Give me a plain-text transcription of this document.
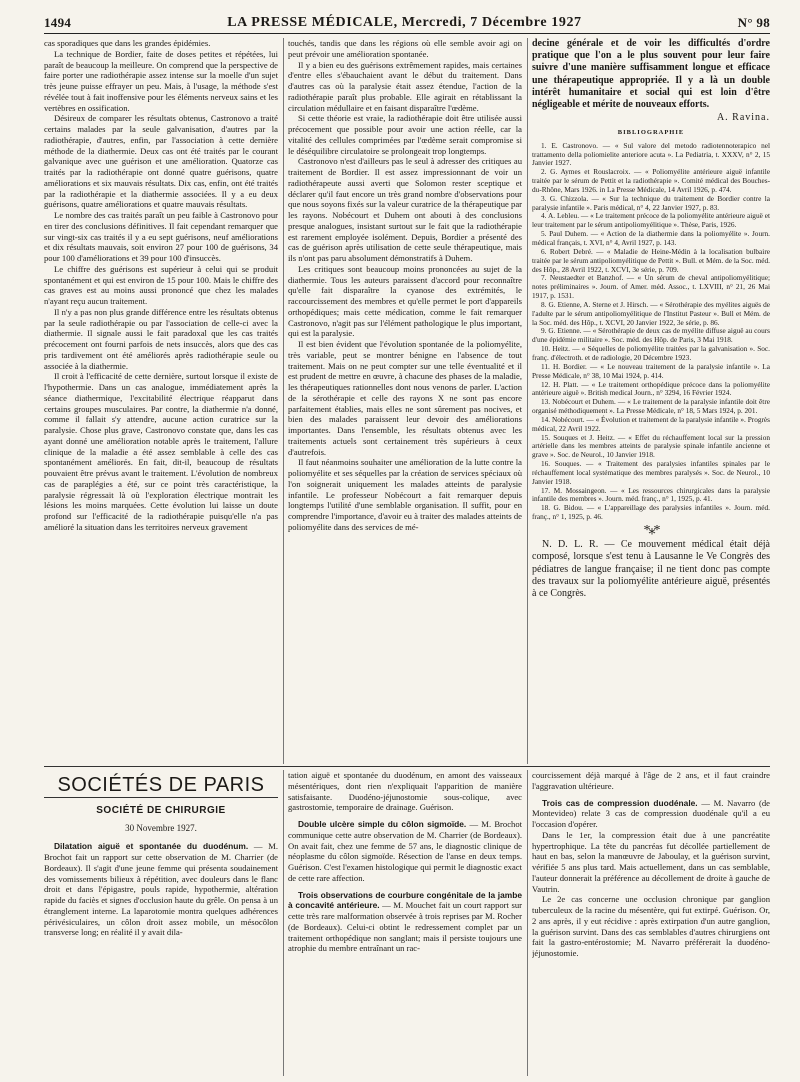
1494	LA PRESSE MÉDICALE, Mercredi, 7 Décembre 1927	N° 98

cas sporadiques que dans les grandes épidémies.

La technique de Bordier, faite de doses petites et répétées, lui paraît de beaucoup la meilleure. On comprend que la perspective de faire porter une radiothérapie assez intense sur la moelle d'un sujet très jeune puisse effrayer un peu. Mais, à l'usage, la méthode s'est révélée tout à fait inoffensive pour les éléments nerveux sains et les vertèbres en ossification.

Désireux de comparer les résultats obtenus, Castronovo a traité certains malades par la seule galvanisation, d'autres par la radiothérapie, d'autres, enfin, par l'association à cette dernière méthode de la diathermie. Deux cas ont été traités par le courant galvanique avec une guérison et une amélioration. Quatorze cas traités par la radiothérapie ont donné quatre guérisons, quatre améliorations et six mauvais résultats. Dix cas, enfin, ont été traités par la radiothérapie et la diathermie associées. Il y a eu deux guérisons, quatre améliorations et quatre mauvais résultats.

Le nombre des cas traités paraît un peu faible à Castronovo pour en tirer des conclusions définitives. Il fait cependant remarquer que sur vingt-six cas traités il y a eu sept guérisons, neuf améliorations et dix résultats mauvais, soit environ 27 pour 100 de guérisons, 34 pour 100 d'améliorations et 39 pour 100 d'insuccès.

Le chiffre des guérisons est supérieur à celui qui se produit spontanément et qui est environ de 15 pour 100. Mais le chiffre des cas graves est au moins aussi prononcé que chez les malades n'ayant reçu aucun traitement.

Il n'y a pas non plus grande différence entre les résultats obtenus par la seule radiothérapie ou par l'association de celle-ci avec la diathermie. Il signale aussi le fait paradoxal que les cas traités précocement ont fourni parfois de nets insuccès, alors que des cas pris tardivement ont été améliorés après radiothérapie seule ou associée à la diathermie.

Il croit à l'efficacité de cette dernière, surtout lorsque il existe de l'hypothermie. Dans un cas analogue, immédiatement après la séance diathermique, l'excitabilité électrique réapparut dans certains groupes musculaires. Par contre, la diathermie n'a donné, comme il fallait s'y attendre, aucune action curatrice sur la paralysie. Chose plus grave, Castronovo constate que, dans les cas ayant donné une amélioration notable après le traitement, l'allure clinique de la maladie a été assez semblable à celle des cas spontanément améliorés. En fait, dit-il, beaucoup de résultats pouvaient être prévus avant le traitement. L'évolution de nombreux cas de paraplégies a été, sur ce point très caractéristique, la paralysie régressait là où l'exploration électrique montrait les lésions les moins marquées. Cette évolution lui laisse un doute profond sur l'efficacité de la radiothérapie puisqu'elle n'a pas amélioré la situation dans les territoires nerveux gravement

touchés, tandis que dans les régions où elle semble avoir agi on peut prévoir une amélioration spontanée.

Il y a bien eu des guérisons extrêmement rapides, mais certaines d'entre elles s'ébauchaient avant le début du traitement. Dans d'autres cas où la paralysie était assez étendue, l'action de la radiothérapie paraît plus probable. Elle agirait en rétablissant la circulation médullaire et en faisant disparaître l'œdème.

Si cette théorie est vraie, la radiothérapie doit être utilisée aussi précocement que possible pour avoir une action réelle, car la vitalité des cellules comprimées par l'œdème serait compromise si le déséquilibre circulatoire se prolongeait trop longtemps.

Castronovo n'est d'ailleurs pas le seul à adresser des critiques au traitement de Bordier. Il est assez impressionnant de voir un radiothérapeute aussi averti que Solomon rester sceptique et déclarer qu'il faut encore un très grand nombre d'observations pour que nous soyons fixés sur la valeur curatrice de la thérapeutique par les rayons. Nobécourt et Duhem ont abouti à des conclusions presque analogues, insistant surtout sur le fait que la radiothérapie est rarement employée isolément. Depuis, Bordier a présenté des cas de guérison après utilisation de cette seule thérapeutique, mais ils n'ont pas paru absolument démonstratifs à Duhem.

Les critiques sont beaucoup moins prononcées au sujet de la diathermie. Tous les auteurs paraissent d'accord pour reconnaître qu'elle fait disparaître la cyanose des extrémités, le raccourcissement des membres et qu'elle permet le port d'appareils orthopédiques; mais cette médication, comme le fait remarquer Castronovo, n'agit pas sur l'élément pathologique le plus important, qui est la paralysie.

Il est bien évident que l'évolution spontanée de la poliomyélite, très variable, peut se montrer bénigne en l'absence de tout traitement. Mais on ne peut compter sur une telle éventualité et il est prudent de mettre en œuvre, à chacune des phases de la maladie, les thérapeutiques rationnelles dont nous venons de parler. L'action de la sérothérapie et celle des rayons X ne sont pas encore parfaitement établies, mais elles ne sont sûrement pas nocives, et bien des malades paraissent leur devoir des améliorations importantes. Dans l'ensemble, les résultats obtenus avec les traitements actuels sont certainement très supérieurs à ceux d'autrefois.

Il faut néanmoins souhaiter une amélioration de la lutte contre la poliomyélite et ses séquelles par la création de services spéciaux où l'on soignerait uniquement les malades atteints de paralysie infantile. Le professeur Nobécourt a fait remarquer depuis longtemps l'utilité d'une semblable organisation. Il suffit, pour en comprendre l'importance, d'avoir eu à traiter des malades atteints de poliomyélite dans des services de mé-

decine générale et de voir les difficultés d'ordre pratique que l'on a le plus souvent pour leur faire suivre d'une manière suffisamment longue et efficace une thérapeutique appropriée. Il y a là un double intérêt humanitaire et social qui est loin d'être négligeable et mérite de nouveaux efforts.
A. Ravina.
BIBLIOGRAPHIE

1. E. Castronovo. — « Sul valore del metodo radiotennoterapico nel trattamento della poliomielite anteriore acuta ». La Pediatria, t. XXXV, n° 2, 15 Janvier 1927.

2. G. Aymes et Rouslacroix. — « Poliomyélite antérieure aiguë infantile traitée par le sérum de Pettit et la radiothérapie ». Comité médical des Bouches-du-Rhône, Mars 1926. in La Presse Médicale, 14 Avril 1926, p. 474.

3. G. Chizzola. — « Sur la technique du traitement de Bordier contre la paralysie infantile ». Paris médical, n° 4, 22 Janvier 1927, p. 83.

4. A. Lebleu. — « Le traitement précoce de la poliomyélite antérieure aiguë et leur traitement par le sérum antipoliomyélitique ». Thèse, Paris, 1926.

5. Paul Duhem. — « Action de la diathermie dans la poliomyélite ». Journ. médical français, t. XVI, n° 4, Avril 1927, p. 143.

6. Robert Debré. — « Maladie de Heine-Médin à la localisation bulbaire traitée par le sérum antipoliomyélitique de Pettit ». Bull. et Mém. de la Soc. méd. des Hôp., 28 Avril 1922, t. XCVI, 3e série, p. 709.

7. Neustaedter et Banzhof. — « Un sérum de cheval antipoliomyélitique; notes préliminaires ». Journ. of Amer. méd. Assoc., t. LXVIII, n° 21, 26 Mai 1917, p. 1531.

8. G. Etienne, A. Sterne et J. Hirsch. — « Sérothérapie des myélites aiguës de l'adulte par le sérum antipoliomyélitique de l'Institut Pasteur ». Bull et Mém. de la Soc. méd. des Hôp., t. XCVI, 20 Janvier 1922, 3e série, p. 86.

9. G. Etienne. — « Sérothérapie de deux cas de myélite diffuse aiguë au cours d'une épidémie militaire ». Soc. méd. des Hôp. de Paris, 3 Mai 1918.

10. Heitz. — « Séquelles de poliomyélite traitées par la galvanisation ». Soc. franç. d'électroth. et de radiologie, 20 Décembre 1923.

11. H. Bordier. — « Le nouveau traitement de la paralysie infantile ». La Presse Médicale, n° 38, 10 Mai 1924, p. 414.

12. H. Platt. — « Le traitement orthopédique précoce dans la poliomyélite antérieure aiguë ». British medical Journ., n° 3294, 16 Février 1924.

13. Nobécourt et Duhem. — « Le traitement de la paralysie infantile doit être organisé méthodiquement ». La Presse Médicale, n° 18, 5 Mars 1924, p. 201.

14. Nobécourt. — « Évolution et traitement de la paralysie infantile ». Progrès médical, 22 Avril 1922.

15. Souques et J. Heitz. — « Effet du réchauffement local sur la pression artérielle dans les membres atteints de paralysie spinale infantile ancienne et grave ». Soc. de Neurol., 10 Janvier 1918.

16. Souques. — « Traitement des paralysies infantiles spinales par le réchauffement local systématique des membres paralysés ». Soc. de Neurol., 10 Janvier 1918.

17. M. Mossaingeon. — « Les ressources chirurgicales dans la paralysie infantile des membres ». Journ. méd. franç., n° 1, 1925, p. 41.

18. G. Bidou. — « L'appareillage des paralysies infantiles ». Journ. méd. franç., n° 1, 1925, p. 46.

*⁎*

N. D. L. R. — Ce mouvement médical était déjà composé, lorsque s'est tenu à Lausanne le Ve Congrès des pédiatres de langue française; il ne tient donc pas compte des travaux sur la poliomyélite antérieure aiguë, présentés à ce Congrès.

SOCIÉTÉS DE PARIS
SOCIÉTÉ DE CHIRURGIE
30 Novembre 1927.

Dilatation aiguë et spontanée du duodénum. — M. Brochot fait un rapport sur cette observation de M. Charrier (de Bordeaux). Il s'agit d'une jeune femme qui présenta soudainement des vomissements bilieux à répétition, avec douleurs dans le flanc droit et dans l'épigastre, pouls rapide, hypothermie, altération rapide du faciès et signes d'occlusion haute du grêle. On pensa à un étranglement interne. La laparotomie montra quelques adhérences périvésiculaires, un côlon droit assez mobile, un mésocôlon transverse long; en réalité il y avait dila-

tation aiguë et spontanée du duodénum, en amont des vaisseaux mésentériques, dont rien n'expliquait l'apparition de manière satisfaisante. Duodéno-jéjunostomie sous-colique, avec gastrostomie, temporaire de drainage. Guérison.

Double ulcère simple du côlon sigmoïde. — M. Brochot communique cette autre observation de M. Charrier (de Bordeaux). On avait fait, chez une femme de 57 ans, le diagnostic clinique de néoplasme du côlon sigmoïde. Résection de l'anse en deux temps. Guérison. C'est l'examen histologique qui permit le diagnostic exact de cette rare affection.

Trois observations de courbure congénitale de la jambe à concavité antérieure. — M. Mouchet fait un court rapport sur cette très rare malformation observée à trois reprises par M. Rocher (de Bordeaux). Celui-ci obtint le redressement complet par un traitement orthopédique non sanglant; mais il persiste toujours une atrophie du membre entraînant un rac-

courcissement déjà marqué à l'âge de 2 ans, et il faut craindre l'aggravation ultérieure.

Trois cas de compression duodénale. — M. Navarro (de Montevideo) relate 3 cas de compression duodénale qu'il a eu l'occasion d'opérer.

Dans le 1er, la compression était due à une pancréatite hypertrophique. La tête du pancréas fut décollée partiellement de haut en bas, selon la manœuvre de Jaboulay, et la guérison survint, vérifiée 5 ans plus tard. Mais actuellement, dans un cas semblable, l'auteur donnerait la préférence au décollement de droite à gauche de Vautrin.

Le 2e cas concerne une occlusion chronique par ganglion tuberculeux de la racine du mésentère, qui fut extirpé. Guérison. Or, 2 ans après, il y eut récidive : après extirpation d'un autre ganglion, la guérison survint. Dans des cas semblables d'autres chirurgiens ont fait la gastro-entérostomie; M. Navarro préférerait la duodéno-jéjunostomie.
